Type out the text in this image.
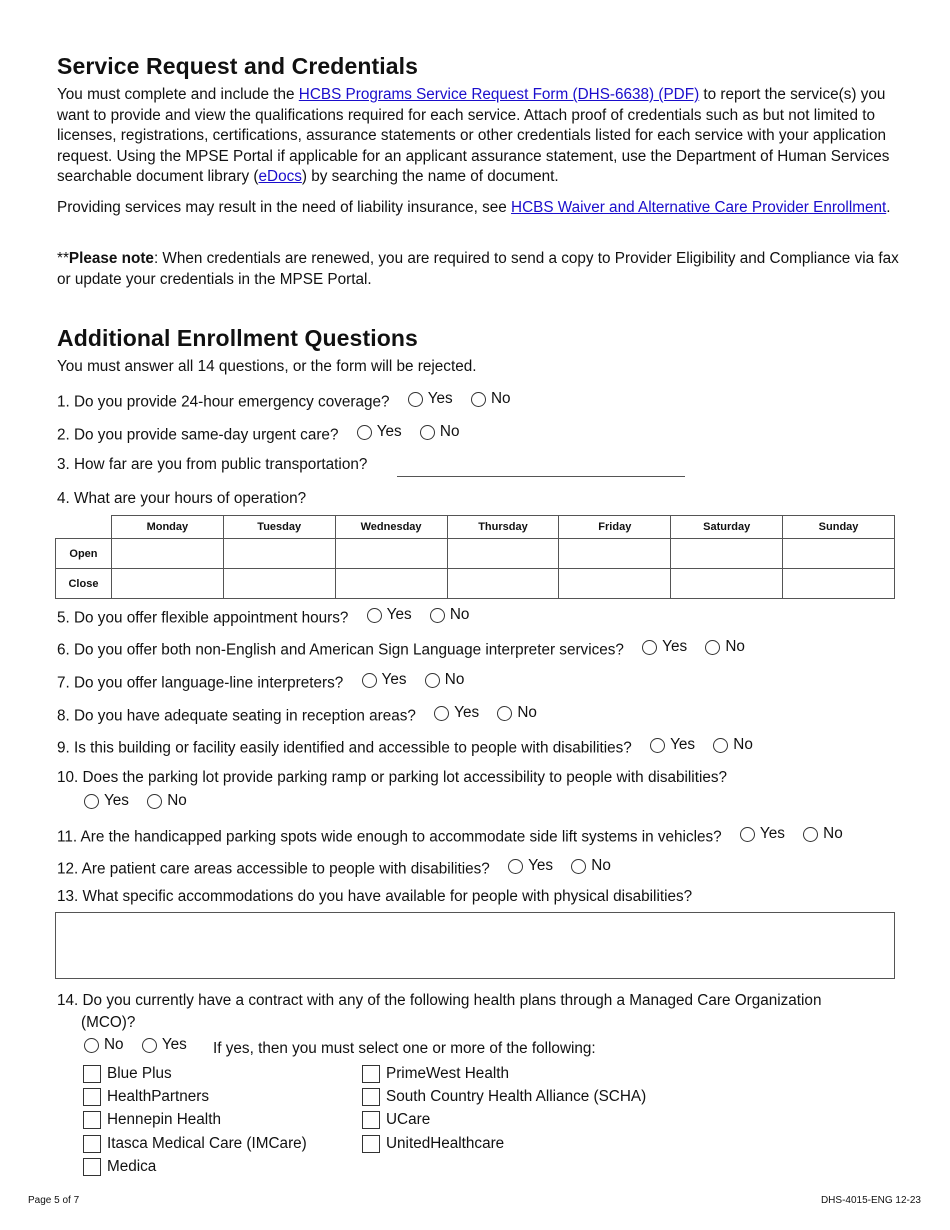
Service Request and Credentials
You must complete and include the HCBS Programs Service Request Form (DHS-6638) (PDF) to report the service(s) you want to provide and view the qualifications required for each service. Attach proof of credentials such as but not limited to licenses, registrations, certifications, assurance statements or other credentials listed for each service with your application request. Using the MPSE Portal if applicable for an applicant assurance statement, use the Department of Human Services searchable document library (eDocs) by searching the name of document.
Providing services may result in the need of liability insurance, see HCBS Waiver and Alternative Care Provider Enrollment.
**Please note: When credentials are renewed, you are required to send a copy to Provider Eligibility and Compliance via fax or update your credentials in the MPSE Portal.
Additional Enrollment Questions
You must answer all 14 questions, or the form will be rejected.
1. Do you provide 24-hour emergency coverage?	Yes
	No
2. Do you provide same-day urgent care?	Yes
	No
3. How far are you from public transportation?
4. What are your hours of operation?
	Monday	Tuesday	Wednesday	Thursday	Friday	Saturday	Sunday
Open							
Close							
5. Do you offer flexible appointment hours?	Yes
	No
6. Do you offer both non-English and American Sign Language interpreter services?	Yes
	No
7. Do you offer language-line interpreters?	Yes
	No
8. Do you have adequate seating in reception areas?	Yes
	No
9. Is this building or facility easily identified and accessible to people with disabilities?	Yes
	No
10. Does the parking lot provide parking ramp or parking lot accessibility to people with disabilities?
Yes
	No
11. Are the handicapped parking spots wide enough to accommodate side lift systems in vehicles?	Yes
	No
12. Are patient care areas accessible to people with disabilities?	Yes
	No
13. What specific accommodations do you have available for people with physical disabilities?
14. Do you currently have a contract with any of the following health plans through a Managed Care Organization
(MCO)?
No
	Yes If yes, then you must select one or more of the following:
Blue Plus
HealthPartners
Hennepin Health
Itasca Medical Care (IMCare)
Medica
PrimeWest Health
South Country Health Alliance (SCHA)
UCare
UnitedHealthcare
Page 5 of 7	DHS-4015-ENG 12-23
